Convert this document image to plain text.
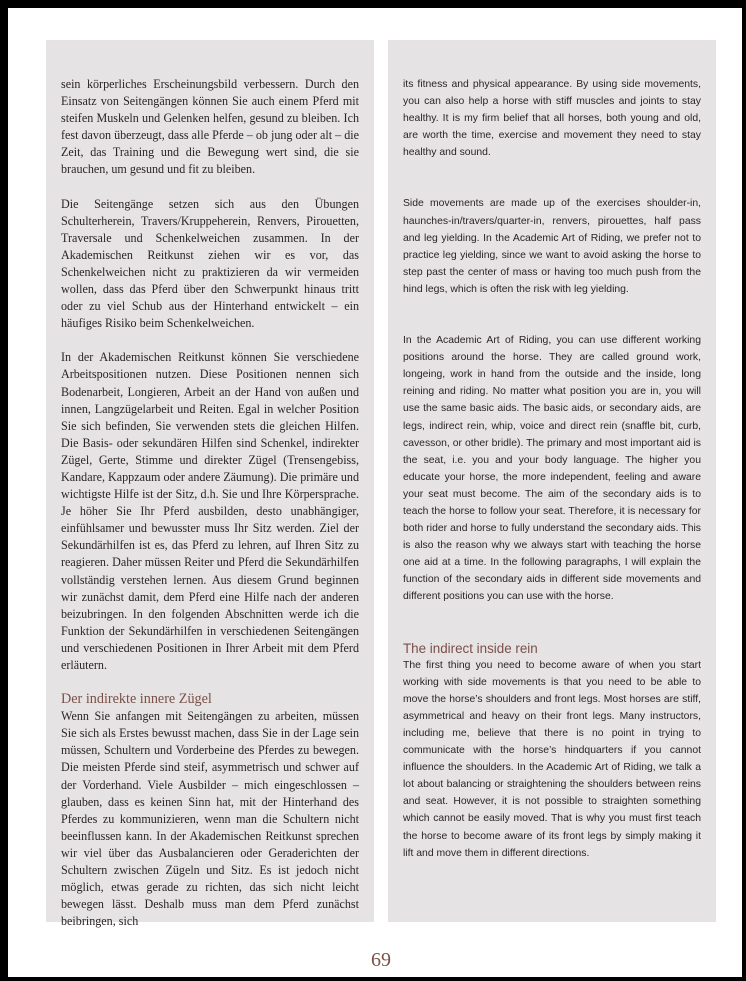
sein körperliches Erscheinungsbild verbessern. Durch den Einsatz von Seitengängen können Sie auch einem Pferd mit steifen Muskeln und Gelenken helfen, gesund zu bleiben. Ich fest davon überzeugt, dass alle Pferde – ob jung oder alt – die Zeit, das Training und die Bewegung wert sind, die sie brauchen, um gesund und fit zu bleiben.

Die Seitengänge setzen sich aus den Übungen Schulterherein, Travers/Kruppeherein, Renvers, Pirouetten, Traversale und Schenkelweichen zusammen. In der Akademischen Reitkunst ziehen wir es vor, das Schenkelweichen nicht zu praktizieren da wir vermeiden wollen, dass das Pferd über den Schwerpunkt hinaus tritt oder zu viel Schub aus der Hinterhand entwickelt – ein häufiges Risiko beim Schenkelweichen.

In der Akademischen Reitkunst können Sie verschiedene Arbeitspositionen nutzen. Diese Positionen nennen sich Bodenarbeit, Longieren, Arbeit an der Hand von außen und innen, Langzügelarbeit und Reiten. Egal in welcher Position Sie sich befinden, Sie verwenden stets die gleichen Hilfen. Die Basis- oder sekundären Hilfen sind Schenkel, indirekter Zügel, Gerte, Stimme und direkter Zügel (Trensengebiss, Kandare, Kappzaum oder andere Zäumung). Die primäre und wichtigste Hilfe ist der Sitz, d.h. Sie und Ihre Körpersprache. Je höher Sie Ihr Pferd ausbilden, desto unabhängiger, einfühlsamer und bewusster muss Ihr Sitz werden. Ziel der Sekundärhilfen ist es, das Pferd zu lehren, auf Ihren Sitz zu reagieren. Daher müssen Reiter und Pferd die Sekundärhilfen vollständig verstehen lernen. Aus diesem Grund beginnen wir zunächst damit, dem Pferd eine Hilfe nach der anderen beizubringen. In den folgenden Abschnitten werde ich die Funktion der Sekundärhilfen in verschiedenen Seitengängen und verschiedenen Positionen in Ihrer Arbeit mit dem Pferd erläutern.

Der indirekte innere Zügel

Wenn Sie anfangen mit Seitengängen zu arbeiten, müssen Sie sich als Erstes bewusst machen, dass Sie in der Lage sein müssen, Schultern und Vorderbeine des Pferdes zu bewegen. Die meisten Pferde sind steif, asymmetrisch und schwer auf der Vorderhand. Viele Ausbilder – mich eingeschlossen – glauben, dass es keinen Sinn hat, mit der Hinterhand des Pferdes zu kommunizieren, wenn man die Schultern nicht beeinflussen kann. In der Akademischen Reitkunst sprechen wir viel über das Ausbalancieren oder Geraderichten der Schultern zwischen Zügeln und Sitz. Es ist jedoch nicht möglich, etwas gerade zu richten, das sich nicht leicht bewegen lässt. Deshalb muss man dem Pferd zunächst beibringen, sich

its fitness and physical appearance. By using side movements, you can also help a horse with stiff muscles and joints to stay healthy. It is my firm belief that all horses, both young and old, are worth the time, exercise and movement they need to stay healthy and sound.

Side movements are made up of the exercises shoulder-in, haunches-in/travers/quarter-in, renvers, pirouettes, half pass and leg yielding. In the Academic Art of Riding, we prefer not to practice leg yielding, since we want to avoid asking the horse to step past the center of mass or having too much push from the hind legs, which is often the risk with leg yielding.

In the Academic Art of Riding, you can use different working positions around the horse. They are called ground work, longeing, work in hand from the outside and the inside, long reining and riding. No matter what position you are in, you will use the same basic aids. The basic aids, or secondary aids, are legs, indirect rein, whip, voice and direct rein (snaffle bit, curb, cavesson, or other bridle). The primary and most important aid is the seat, i.e. you and your body language. The higher you educate your horse, the more independent, feeling and aware your seat must become. The aim of the secondary aids is to teach the horse to follow your seat. Therefore, it is necessary for both rider and horse to fully understand the secondary aids. This is also the reason why we always start with teaching the horse one aid at a time. In the following paragraphs, I will explain the function of the secondary aids in different side movements and different positions you can use with the horse.

The indirect inside rein

The first thing you need to become aware of when you start working with side movements is that you need to be able to move the horse’s shoulders and front legs. Most horses are stiff, asymmetrical and heavy on their front legs. Many instructors, including me, believe that there is no point in trying to communicate with the horse’s hindquarters if you cannot influence the shoulders. In the Academic Art of Riding, we talk a lot about balancing or straightening the shoulders between reins and seat. However, it is not possible to straighten something which cannot be easily moved. That is why you must first teach the horse to become aware of its front legs by simply making it lift and move them in different directions.

69
